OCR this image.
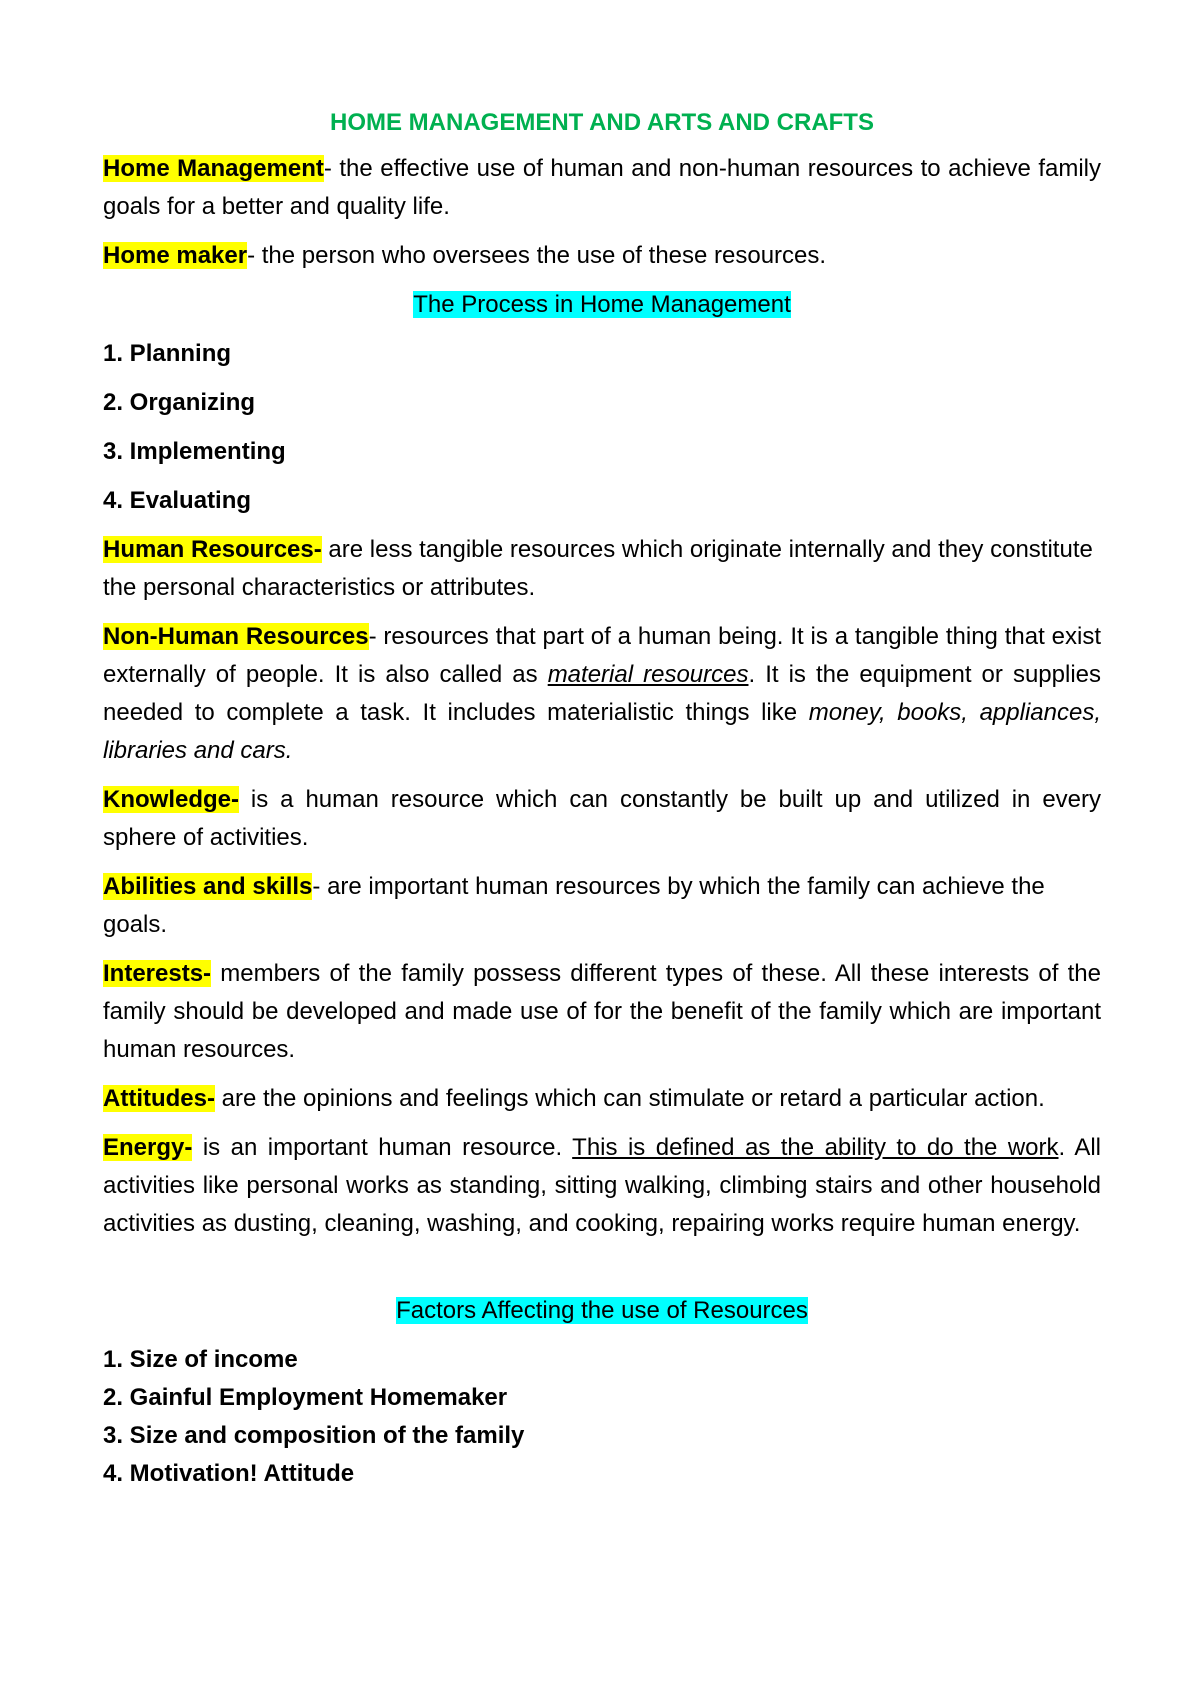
HOME MANAGEMENT AND ARTS AND CRAFTS

Home Management- the effective use of human and non-human resources to achieve family goals for a better and quality life.

Home maker- the person who oversees the use of these resources.

The Process in Home Management
1. Planning
2. Organizing
3. Implementing
4. Evaluating

Human Resources- are less tangible resources which originate internally and they constitute the personal characteristics or attributes.

Non-Human Resources- resources that part of a human being. It is a tangible thing that exist externally of people. It is also called as material resources. It is the equipment or supplies needed to complete a task. It includes materialistic things like money, books, appliances, libraries and cars.

Knowledge- is a human resource which can constantly be built up and utilized in every sphere of activities.

Abilities and skills- are important human resources by which the family can achieve the goals.

Interests- members of the family possess different types of these. All these interests of the family should be developed and made use of for the benefit of the family which are important human resources.

Attitudes- are the opinions and feelings which can stimulate or retard a particular action.

Energy- is an important human resource. This is defined as the ability to do the work. All activities like personal works as standing, sitting walking, climbing stairs and other household activities as dusting, cleaning, washing, and cooking, repairing works require human energy.

Factors Affecting the use of Resources
1. Size of income
2. Gainful Employment Homemaker
3. Size and composition of the family
4. Motivation! Attitude
